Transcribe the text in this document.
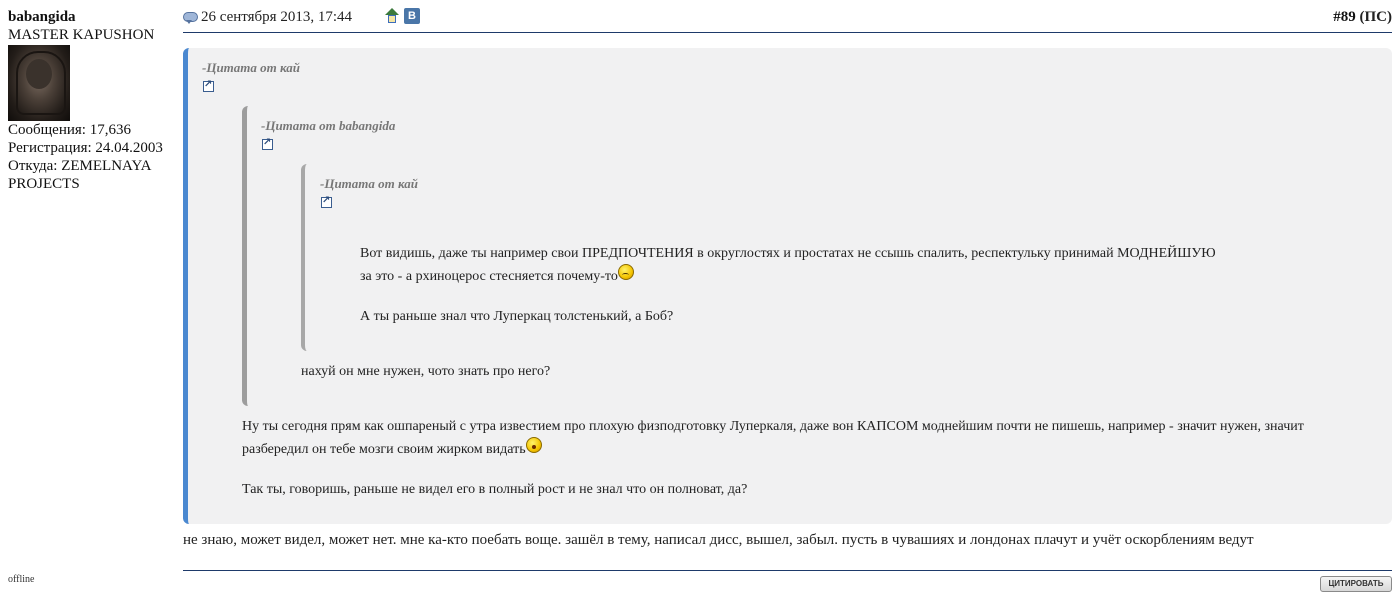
babangida
MASTER KAPUSHON
Сообщения: 17,636
Регистрация: 24.04.2003
Откуда: ZEMELNAYA
PROJECTS
offline
26 сентября 2013, 17:44	B	#89 (ПС)
-Цитата от кай
↗
-Цитата от babangida
↗
-Цитата от кай
↗
Вот видишь, даже ты например свои ПРЕДПОЧТЕНИЯ в округлостях и простатах не ссышь спалить, респектульку принимай МОДНЕЙШУЮ
за это - а рхиноцерос стесняется почему-то
А ты раньше знал что Луперкац толстенький, а Боб?
нахуй он мне нужен, чото знать про него?
Ну ты сегодня прям как ошпареный с утра известием про плохую физподготовку Луперкаля, даже вон КАПСОМ моднейшим почти не пишешь, например - значит нужен, значит
разбередил он тебе мозги своим жирком видать
Так ты, говоришь, раньше не видел его в полный рост и не знал что он полноват, да?
не знаю, может видел, может нет. мне ка-кто поебать воще. зашёл в тему, написал дисс, вышел, забыл. пусть в чувашиях и лондонах плачут и учёт оскорблениям ведут
ЦИТИРОВАТЬ
